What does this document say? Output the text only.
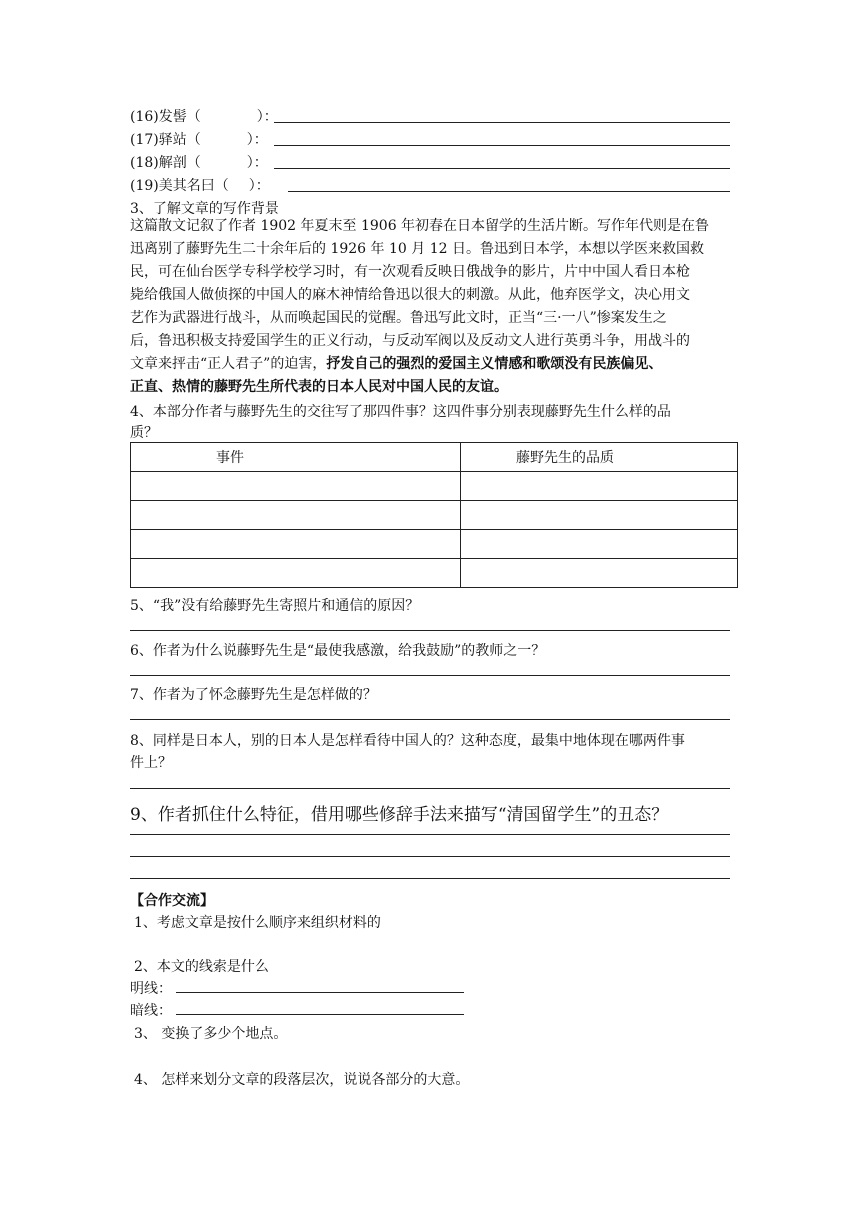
(16)发髻（	）：
(17)驿站（	）：
(18)解剖（	）：
(19)美其名曰（ ）：
3、了解文章的写作背景
这篇散文记叙了作者 1902 年夏末至 1906 年初春在日本留学的生活片断。写作年代则是在鲁
迅离别了藤野先生二十余年后的 1926 年 10 月 12 日。鲁迅到日本学，本想以学医来救国救
民，可在仙台医学专科学校学习时，有一次观看反映日俄战争的影片，片中中国人看日本枪
毙给俄国人做侦探的中国人的麻木神情给鲁迅以很大的刺激。从此，他弃医学文，决心用文
艺作为武器进行战斗，从而唤起国民的觉醒。鲁迅写此文时，正当“三·一八”惨案发生之
后，鲁迅积极支持爱国学生的正义行动，与反动军阀以及反动文人进行英勇斗争，用战斗的
文章来抨击“正人君子”的迫害，抒发自己的强烈的爱国主义情感和歌颂没有民族偏见、
正直、热情的藤野先生所代表的日本人民对中国人民的友谊。
4、本部分作者与藤野先生的交往写了那四件事？这四件事分别表现藤野先生什么样的品
质？
事件	藤野先生的品质

5、“我”没有给藤野先生寄照片和通信的原因？
6、作者为什么说藤野先生是“最使我感激，给我鼓励”的教师之一？
7、作者为了怀念藤野先生是怎样做的？
8、同样是日本人，别的日本人是怎样看待中国人的？这种态度，最集中地体现在哪两件事
件上？
9、作者抓住什么特征，借用哪些修辞手法来描写“清国留学生”的丑态？
【合作交流】
1、考虑文章是按什么顺序来组织材料的
2、本文的线索是什么
明线：
暗线：
3、 变换了多少个地点。
4、 怎样来划分文章的段落层次，说说各部分的大意。
